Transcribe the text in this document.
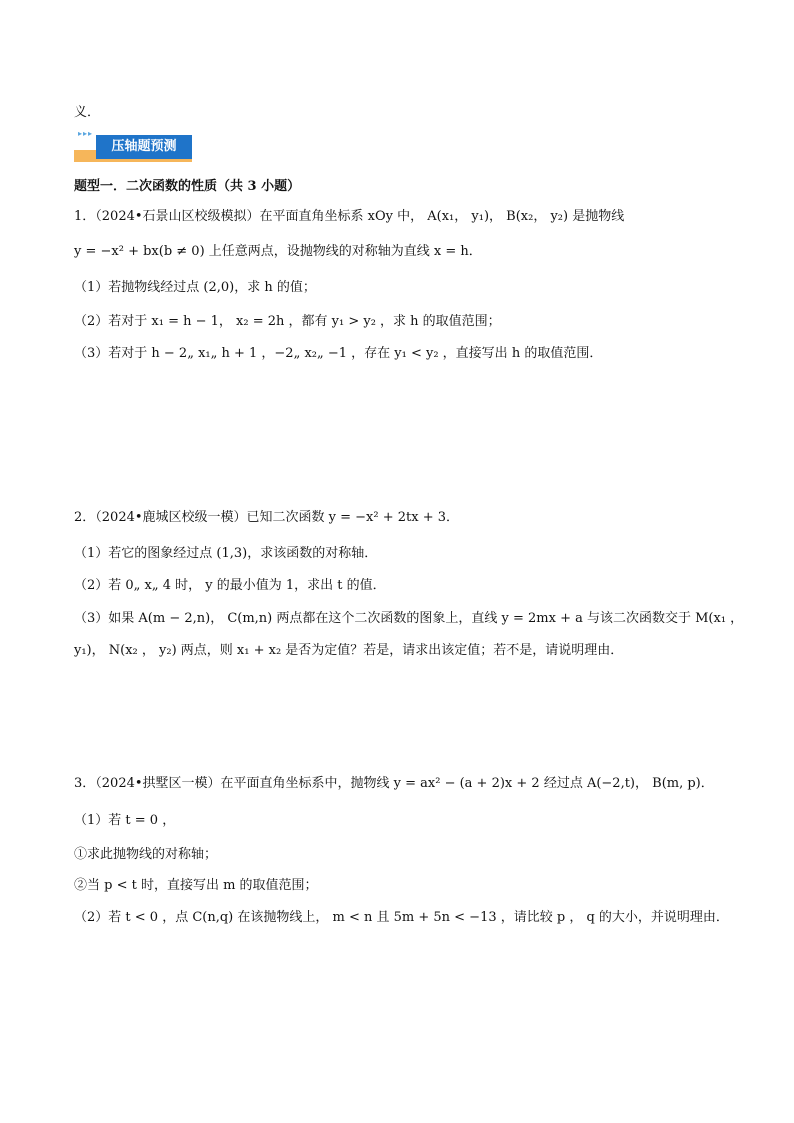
义．
▸▸▸
压轴题预测
题型一．二次函数的性质（共 3 小题）
1．（2024•石景山区校级模拟）在平面直角坐标系 xOy 中， A(x₁， y₁)， B(x₂， y₂) 是抛物线
y = −x² + bx(b ≠ 0) 上任意两点，设抛物线的对称轴为直线 x = h．
（1）若抛物线经过点 (2,0)，求 h 的值；
（2）若对于 x₁ = h − 1， x₂ = 2h ，都有 y₁ > y₂ ，求 h 的取值范围；
（3）若对于 h − 2„ x₁„ h + 1 ，−2„ x₂„ −1 ，存在 y₁ < y₂ ，直接写出 h 的取值范围．
2．（2024•鹿城区校级一模）已知二次函数 y = −x² + 2tx + 3．
（1）若它的图象经过点 (1,3)，求该函数的对称轴．
（2）若 0„ x„ 4 时， y 的最小值为 1，求出 t 的值．
（3）如果 A(m − 2,n)， C(m,n) 两点都在这个二次函数的图象上，直线 y = 2mx + a 与该二次函数交于 M(x₁ ，
y₁)， N(x₂ ， y₂) 两点，则 x₁ + x₂ 是否为定值？若是，请求出该定值；若不是，请说明理由．
3．（2024•拱墅区一模）在平面直角坐标系中，抛物线 y = ax² − (a + 2)x + 2 经过点 A(−2,t)， B(m, p)．
（1）若 t = 0 ，
①求此抛物线的对称轴；
②当 p < t 时，直接写出 m 的取值范围；
（2）若 t < 0 ，点 C(n,q) 在该抛物线上， m < n 且 5m + 5n < −13 ，请比较 p ， q 的大小，并说明理由．
